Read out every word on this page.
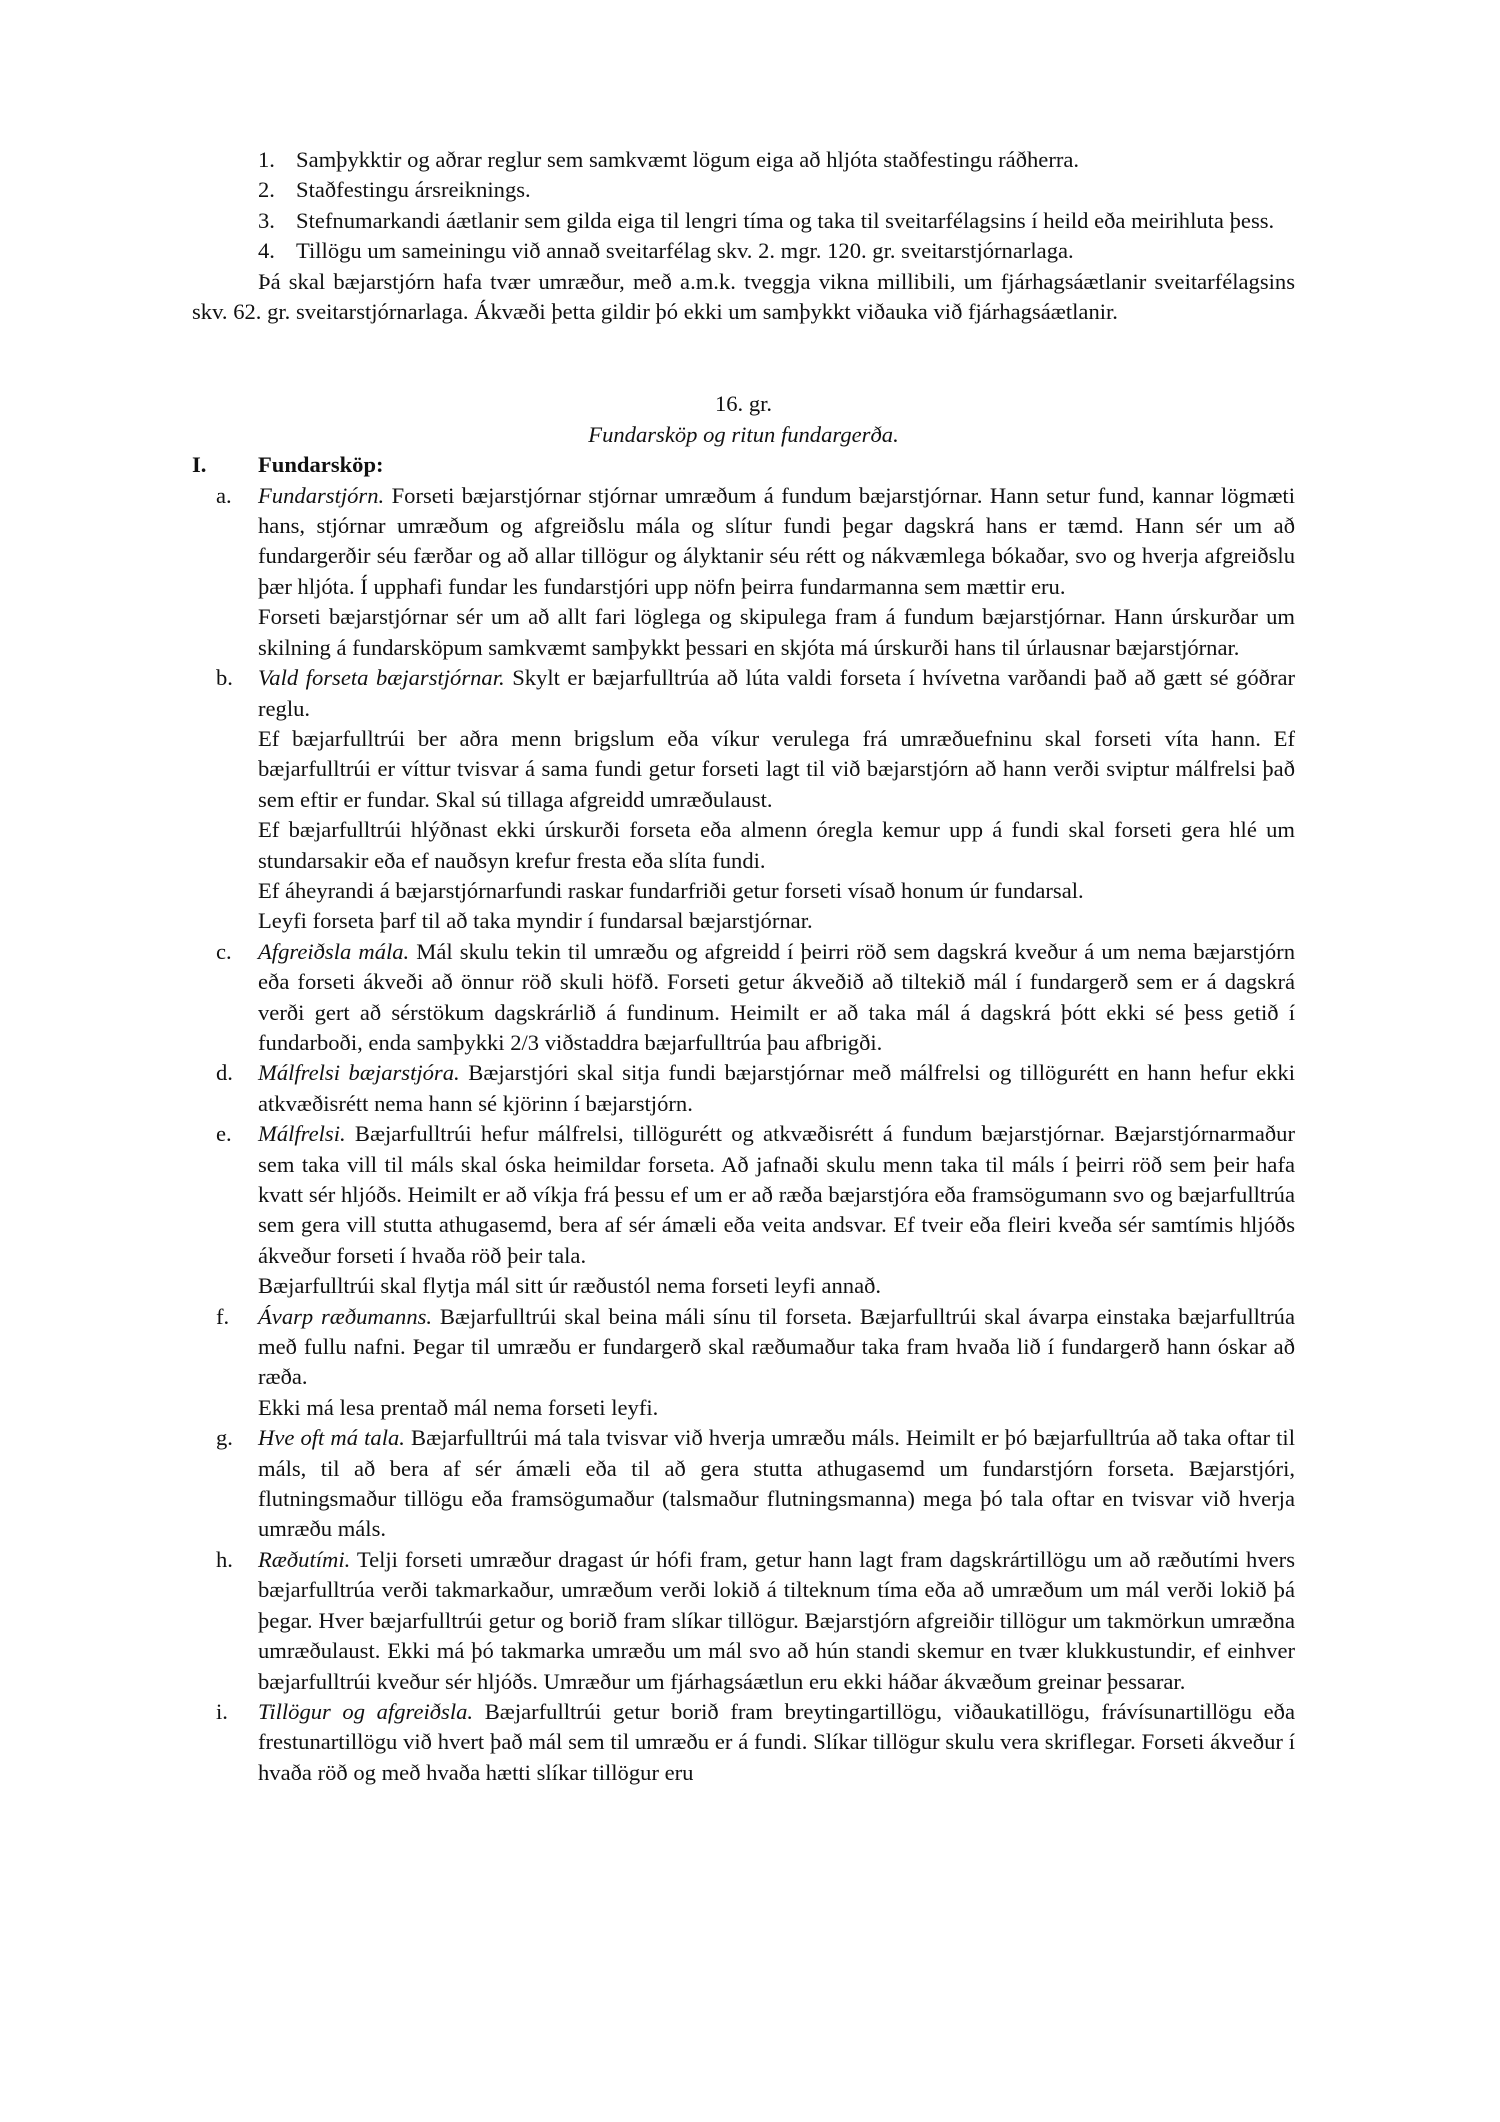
1. Samþykktir og aðrar reglur sem samkvæmt lögum eiga að hljóta staðfestingu ráðherra.
2. Staðfestingu ársreiknings.
3. Stefnumarkandi áætlanir sem gilda eiga til lengri tíma og taka til sveitarfélagsins í heild eða meirihluta þess.
4. Tillögu um sameiningu við annað sveitarfélag skv. 2. mgr. 120. gr. sveitarstjórnarlaga.

Þá skal bæjarstjórn hafa tvær umræður, með a.m.k. tveggja vikna millibili, um fjárhagsáætlanir sveitarfélagsins skv. 62. gr. sveitarstjórnarlaga. Ákvæði þetta gildir þó ekki um samþykkt viðauka við fjárhagsáætlanir.

16. gr.

Fundarsköp og ritun fundargerða.

I.	Fundarsköp:
a.	Fundarstjórn. Forseti bæjarstjórnar stjórnar umræðum á fundum bæjarstjórnar. Hann setur fund, kannar lögmæti hans, stjórnar umræðum og afgreiðslu mála og slítur fundi þegar dagskrá hans er tæmd. Hann sér um að fundargerðir séu færðar og að allar tillögur og ályktanir séu rétt og nákvæmlega bókaðar, svo og hverja afgreiðslu þær hljóta. Í upphafi fundar les fundarstjóri upp nöfn þeirra fundarmanna sem mættir eru.

Forseti bæjarstjórnar sér um að allt fari löglega og skipulega fram á fundum bæjarstjórnar. Hann úrskurðar um skilning á fundarsköpum samkvæmt samþykkt þessari en skjóta má úrskurði hans til úrlausnar bæjarstjórnar.

b.	Vald forseta bæjarstjórnar. Skylt er bæjarfulltrúa að lúta valdi forseta í hvívetna varðandi það að gætt sé góðrar reglu.

Ef bæjarfulltrúi ber aðra menn brigslum eða víkur verulega frá umræðuefninu skal forseti víta hann. Ef bæjarfulltrúi er víttur tvisvar á sama fundi getur forseti lagt til við bæjarstjórn að hann verði sviptur málfrelsi það sem eftir er fundar. Skal sú tillaga afgreidd umræðulaust.

Ef bæjarfulltrúi hlýðnast ekki úrskurði forseta eða almenn óregla kemur upp á fundi skal forseti gera hlé um stundarsakir eða ef nauðsyn krefur fresta eða slíta fundi.

Ef áheyrandi á bæjarstjórnarfundi raskar fundarfriði getur forseti vísað honum úr fundarsal.

Leyfi forseta þarf til að taka myndir í fundarsal bæjarstjórnar.

c.	Afgreiðsla mála. Mál skulu tekin til umræðu og afgreidd í þeirri röð sem dagskrá kveður á um nema bæjarstjórn eða forseti ákveði að önnur röð skuli höfð. Forseti getur ákveðið að tiltekið mál í fundargerð sem er á dagskrá verði gert að sérstökum dagskrárlið á fundinum. Heimilt er að taka mál á dagskrá þótt ekki sé þess getið í fundarboði, enda samþykki 2/3 viðstaddra bæjarfulltrúa þau afbrigði.

d.	Málfrelsi bæjarstjóra. Bæjarstjóri skal sitja fundi bæjarstjórnar með málfrelsi og tillögurétt en hann hefur ekki atkvæðisrétt nema hann sé kjörinn í bæjarstjórn.

e.	Málfrelsi. Bæjarfulltrúi hefur málfrelsi, tillögurétt og atkvæðisrétt á fundum bæjarstjórnar. Bæjarstjórnarmaður sem taka vill til máls skal óska heimildar forseta. Að jafnaði skulu menn taka til máls í þeirri röð sem þeir hafa kvatt sér hljóðs. Heimilt er að víkja frá þessu ef um er að ræða bæjarstjóra eða framsögumann svo og bæjarfulltrúa sem gera vill stutta athugasemd, bera af sér ámæli eða veita andsvar. Ef tveir eða fleiri kveða sér samtímis hljóðs ákveður forseti í hvaða röð þeir tala.

Bæjarfulltrúi skal flytja mál sitt úr ræðustól nema forseti leyfi annað.

f.	Ávarp ræðumanns. Bæjarfulltrúi skal beina máli sínu til forseta. Bæjarfulltrúi skal ávarpa einstaka bæjarfulltrúa með fullu nafni. Þegar til umræðu er fundargerð skal ræðumaður taka fram hvaða lið í fundargerð hann óskar að ræða.

Ekki má lesa prentað mál nema forseti leyfi.

g.	Hve oft má tala. Bæjarfulltrúi má tala tvisvar við hverja umræðu máls. Heimilt er þó bæjarfulltrúa að taka oftar til máls, til að bera af sér ámæli eða til að gera stutta athugasemd um fundarstjórn forseta. Bæjarstjóri, flutningsmaður tillögu eða framsögumaður (talsmaður flutningsmanna) mega þó tala oftar en tvisvar við hverja umræðu máls.

h.	Ræðutími. Telji forseti umræður dragast úr hófi fram, getur hann lagt fram dagskrártillögu um að ræðutími hvers bæjarfulltrúa verði takmarkaður, umræðum verði lokið á tilteknum tíma eða að umræðum um mál verði lokið þá þegar. Hver bæjarfulltrúi getur og borið fram slíkar tillögur. Bæjarstjórn afgreiðir tillögur um takmörkun umræðna umræðulaust. Ekki má þó takmarka umræðu um mál svo að hún standi skemur en tvær klukkustundir, ef einhver bæjarfulltrúi kveður sér hljóðs. Umræður um fjárhagsáætlun eru ekki háðar ákvæðum greinar þessarar.

i.	Tillögur og afgreiðsla. Bæjarfulltrúi getur borið fram breytingartillögu, viðaukatillögu, frávísunartillögu eða frestunartillögu við hvert það mál sem til umræðu er á fundi. Slíkar tillögur skulu vera skriflegar. Forseti ákveður í hvaða röð og með hvaða hætti slíkar tillögur eru
